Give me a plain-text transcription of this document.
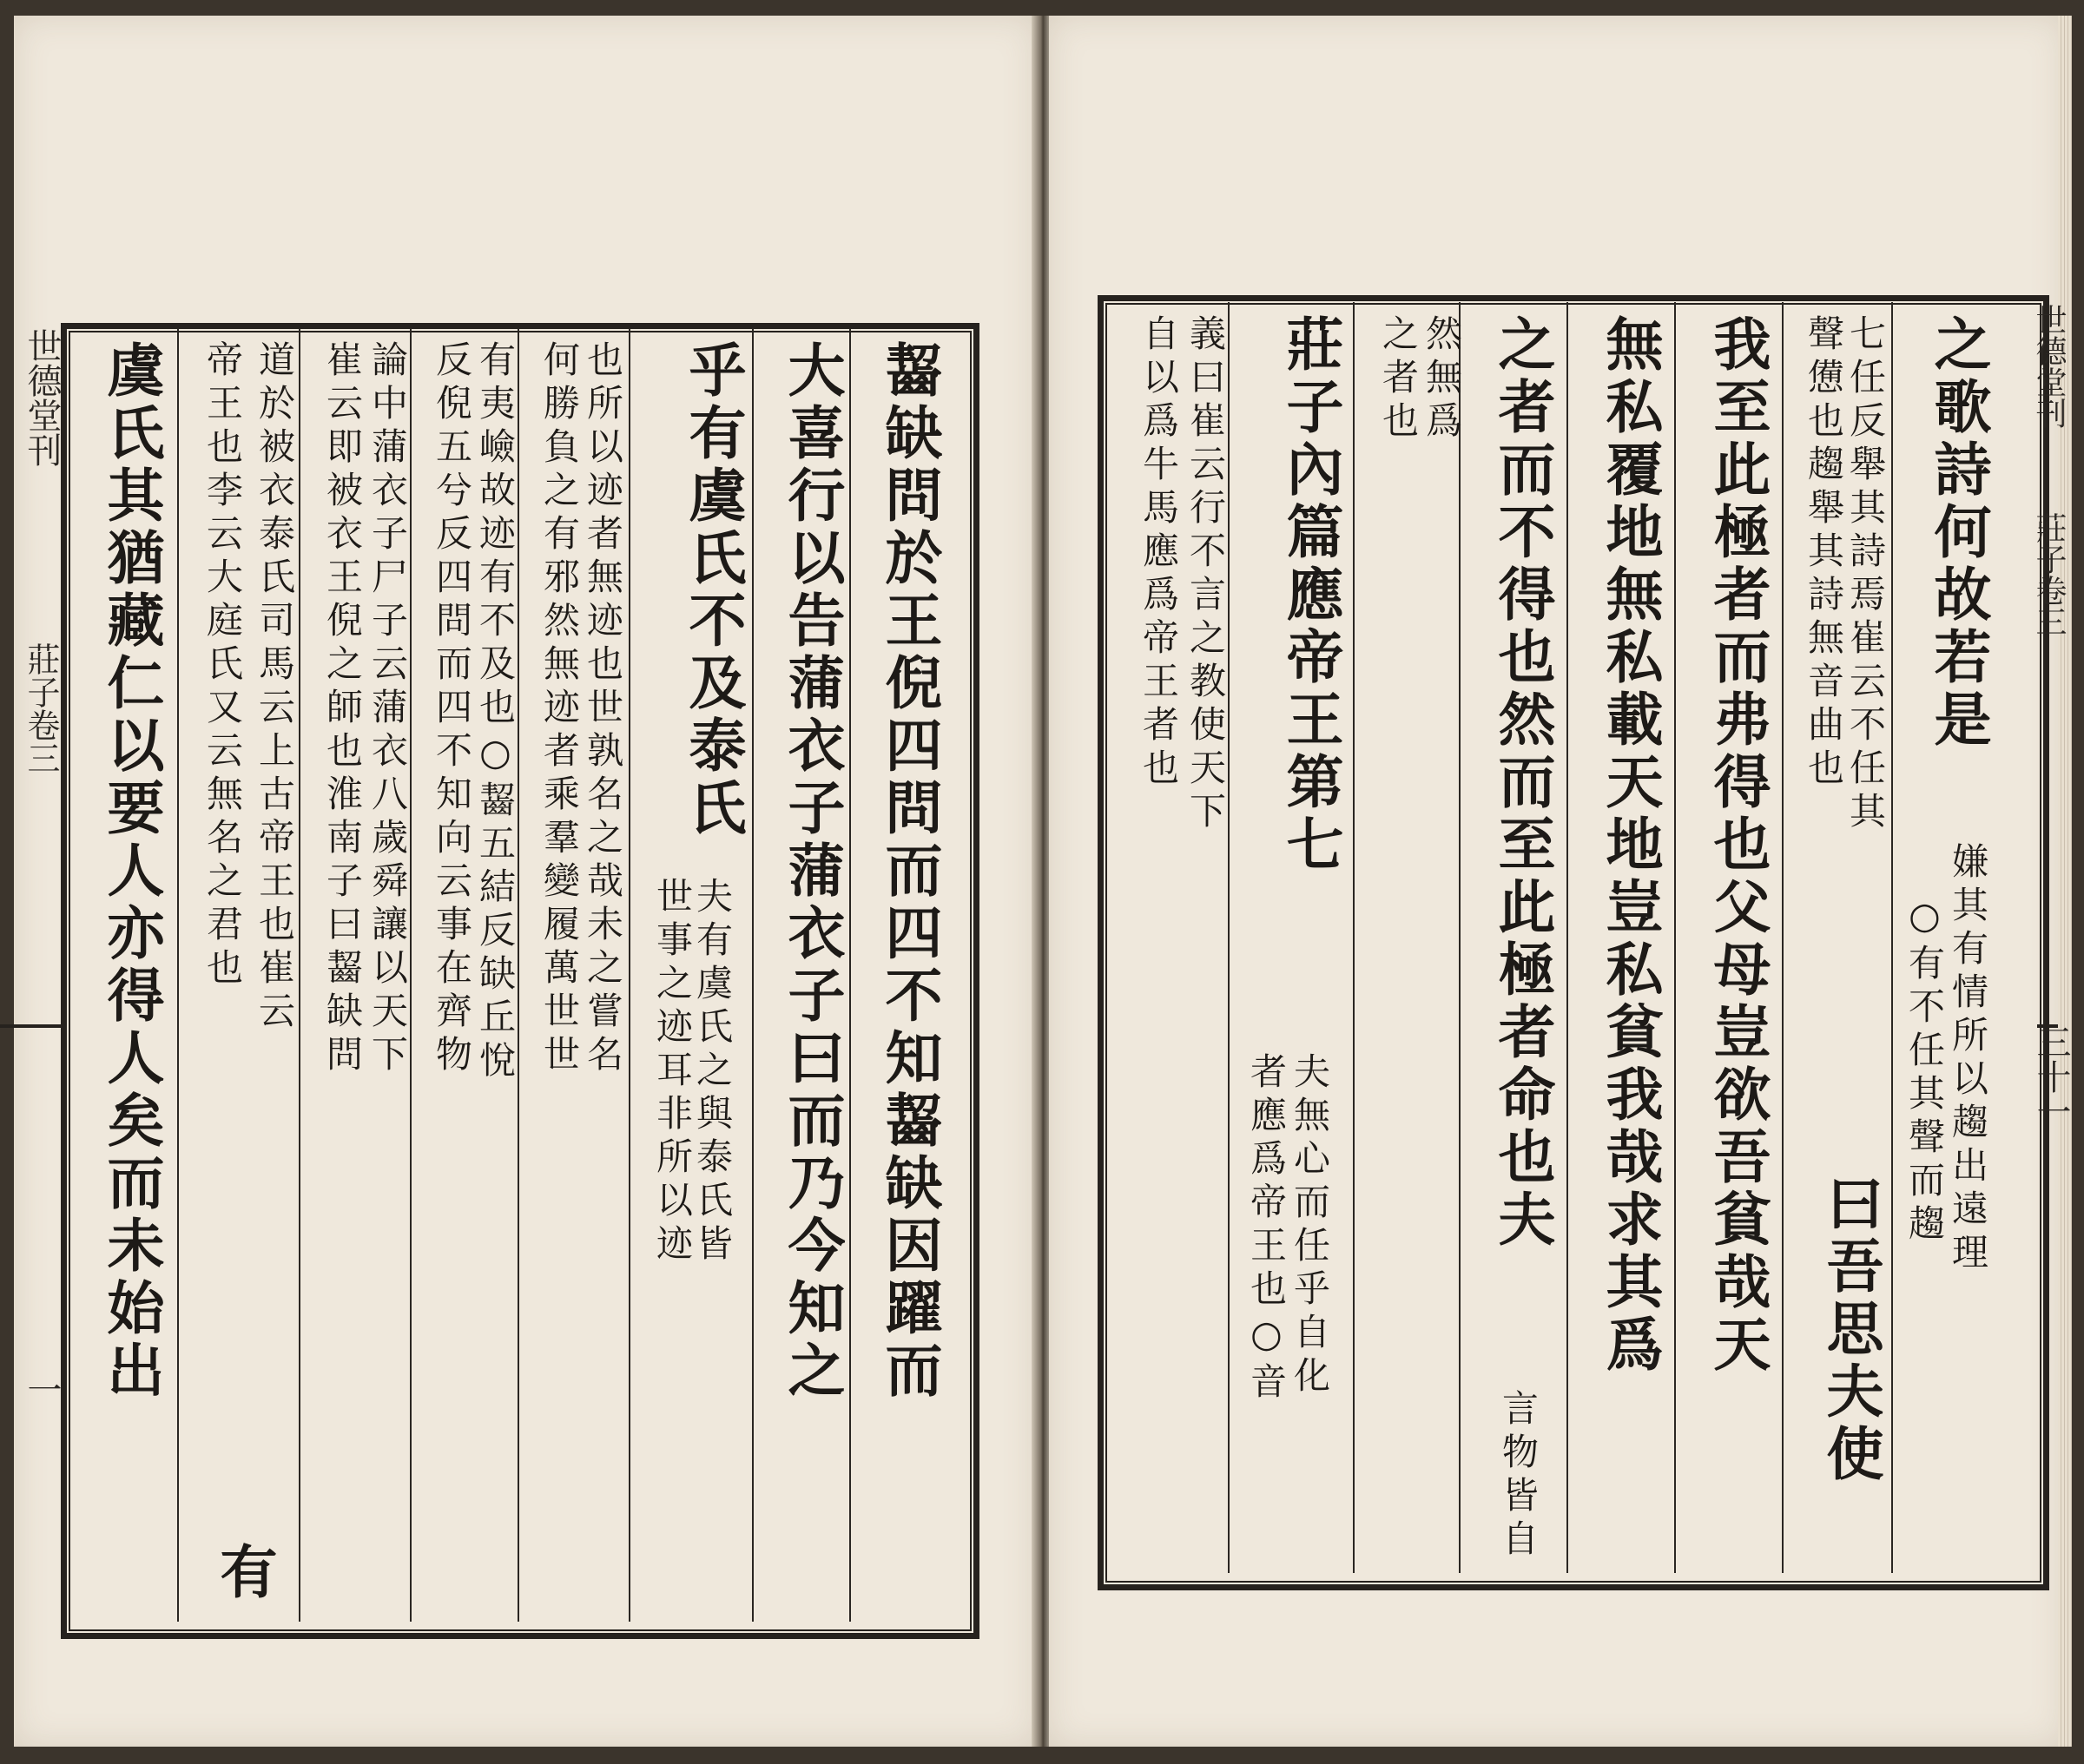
世德堂刊
莊子卷三
一	齧缺問於王倪四問而四不知齧缺因躍而
大喜行以告蒲衣子蒲衣子曰而乃今知之
乎有虞氏不及泰氏
夫有虞氏之與泰氏皆
世事之迹耳非所以迹
也所以迹者無迹也世孰名之哉未之嘗名
何勝負之有邪然無迹者乘羣變履萬世世
有夷嶮故迹有不及也○齧五結反缺丘悅
反倪五兮反四問而四不知向云事在齊物
論中蒲衣子尸子云蒲衣八歲舜讓以天下
崔云即被衣王倪之師也淮南子曰齧缺問
道於被衣泰氏司馬云上古帝王也崔云
帝王也李云大庭氏又云無名之君也
有
虞氏其猶藏仁以要人亦得人矣而未始出	世德堂刊
莊子卷三
三十一
之歌詩何故若是
嫌其有情所以趨出遠理
○有不任其聲而趨
七任反舉其詩焉崔云不任其
聲憊也趨舉其詩無音曲也
曰吾思夫使
我至此極者而弗得也父母豈欲吾貧哉天
無私覆地無私載天地豈私貧我哉求其爲
之者而不得也然而至此極者命也夫
言物皆自
然無爲
之者也
莊子內篇應帝王第七
夫無心而任乎自化
者應爲帝王也○音
義曰崔云行不言之教使天下
自以爲牛馬應爲帝王者也
